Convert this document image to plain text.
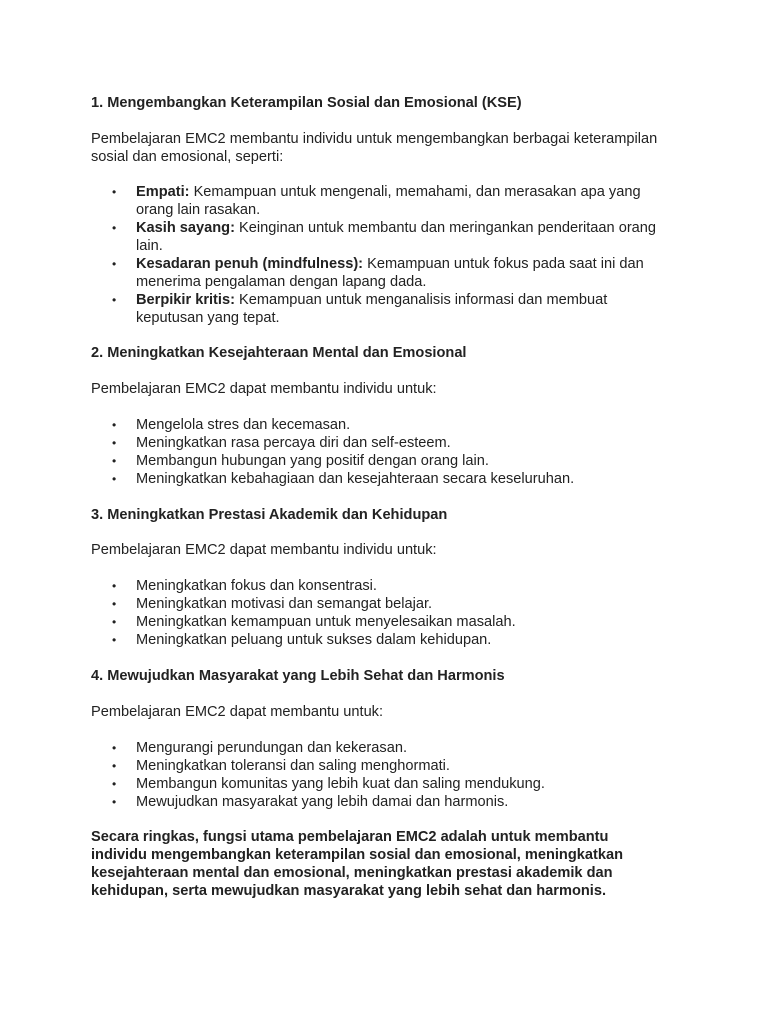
1. Mengembangkan Keterampilan Sosial dan Emosional (KSE)

Pembelajaran EMC2 membantu individu untuk mengembangkan berbagai keterampilan
sosial dan emosional, seperti:

•	Empati: Kemampuan untuk mengenali, memahami, dan merasakan apa yang
orang lain rasakan.
•	Kasih sayang: Keinginan untuk membantu dan meringankan penderitaan orang
lain.
•	Kesadaran penuh (mindfulness): Kemampuan untuk fokus pada saat ini dan
menerima pengalaman dengan lapang dada.
•	Berpikir kritis: Kemampuan untuk menganalisis informasi dan membuat
keputusan yang tepat.
2. Meningkatkan Kesejahteraan Mental dan Emosional

Pembelajaran EMC2 dapat membantu individu untuk:

•	Mengelola stres dan kecemasan.
•	Meningkatkan rasa percaya diri dan self-esteem.
•	Membangun hubungan yang positif dengan orang lain.
•	Meningkatkan kebahagiaan dan kesejahteraan secara keseluruhan.
3. Meningkatkan Prestasi Akademik dan Kehidupan

Pembelajaran EMC2 dapat membantu individu untuk:

•	Meningkatkan fokus dan konsentrasi.
•	Meningkatkan motivasi dan semangat belajar.
•	Meningkatkan kemampuan untuk menyelesaikan masalah.
•	Meningkatkan peluang untuk sukses dalam kehidupan.
4. Mewujudkan Masyarakat yang Lebih Sehat dan Harmonis

Pembelajaran EMC2 dapat membantu untuk:

•	Mengurangi perundungan dan kekerasan.
•	Meningkatkan toleransi dan saling menghormati.
•	Membangun komunitas yang lebih kuat dan saling mendukung.
•	Mewujudkan masyarakat yang lebih damai dan harmonis.

Secara ringkas, fungsi utama pembelajaran EMC2 adalah untuk membantu
individu mengembangkan keterampilan sosial dan emosional, meningkatkan
kesejahteraan mental dan emosional, meningkatkan prestasi akademik dan
kehidupan, serta mewujudkan masyarakat yang lebih sehat dan harmonis.
